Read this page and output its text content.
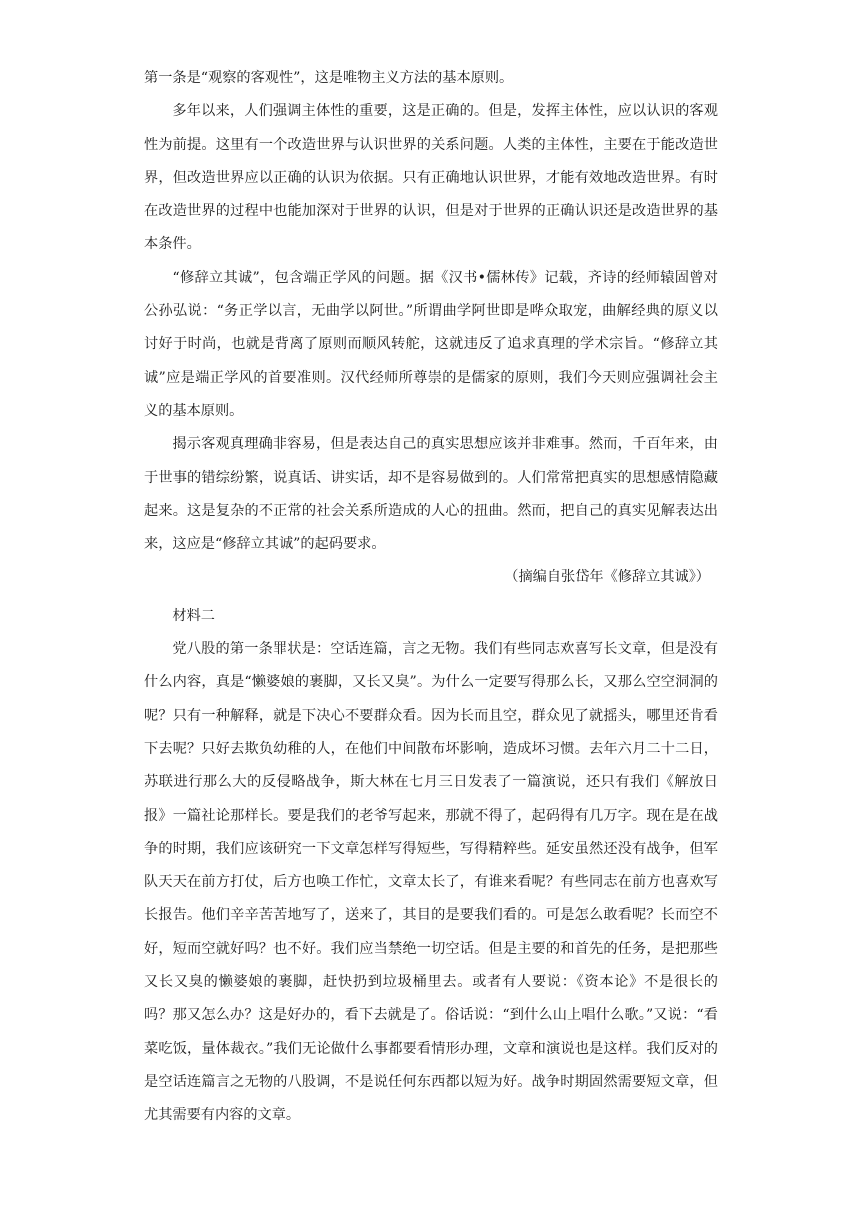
第一条是“观察的客观性”，这是唯物主义方法的基本原则。

多年以来，人们强调主体性的重要，这是正确的。但是，发挥主体性，应以认识的客观性为前提。这里有一个改造世界与认识世界的关系问题。人类的主体性，主要在于能改造世界，但改造世界应以正确的认识为依据。只有正确地认识世界，才能有效地改造世界。有时在改造世界的过程中也能加深对于世界的认识，但是对于世界的正确认识还是改造世界的基本条件。

“修辞立其诚”，包含端正学风的问题。据《汉书•儒林传》记载，齐诗的经师辕固曾对公孙弘说：“务正学以言，无曲学以阿世。”所谓曲学阿世即是哗众取宠，曲解经典的原义以讨好于时尚，也就是背离了原则而顺风转舵，这就违反了追求真理的学术宗旨。“修辞立其诚”应是端正学风的首要准则。汉代经师所尊崇的是儒家的原则，我们今天则应强调社会主义的基本原则。

揭示客观真理确非容易，但是表达自己的真实思想应该并非难事。然而，千百年来，由于世事的错综纷繁，说真话、讲实话，却不是容易做到的。人们常常把真实的思想感情隐藏起来。这是复杂的不正常的社会关系所造成的人心的扭曲。然而，把自己的真实见解表达出来，这应是“修辞立其诚”的起码要求。

（摘编自张岱年《修辞立其诚》）

材料二

党八股的第一条罪状是：空话连篇，言之无物。我们有些同志欢喜写长文章，但是没有什么内容，真是“懒婆娘的裹脚，又长又臭”。为什么一定要写得那么长，又那么空空洞洞的呢？只有一种解释，就是下决心不要群众看。因为长而且空，群众见了就摇头，哪里还肯看下去呢？只好去欺负幼稚的人，在他们中间散布坏影响，造成坏习惯。去年六月二十二日，苏联进行那么大的反侵略战争，斯大林在七月三日发表了一篇演说，还只有我们《解放日报》一篇社论那样长。要是我们的老爷写起来，那就不得了，起码得有几万字。现在是在战争的时期，我们应该研究一下文章怎样写得短些，写得精粹些。延安虽然还没有战争，但军队天天在前方打仗，后方也唤工作忙，文章太长了，有谁来看呢？有些同志在前方也喜欢写长报告。他们辛辛苦苦地写了，送来了，其目的是要我们看的。可是怎么敢看呢？长而空不好，短而空就好吗？也不好。我们应当禁绝一切空话。但是主要的和首先的任务，是把那些又长又臭的懒婆娘的裹脚，赶快扔到垃圾桶里去。或者有人要说：《资本论》不是很长的吗？那又怎么办？这是好办的，看下去就是了。俗话说：“到什么山上唱什么歌。”又说：“看菜吃饭，量体裁衣。”我们无论做什么事都要看情形办理，文章和演说也是这样。我们反对的是空话连篇言之无物的八股调，不是说任何东西都以短为好。战争时期固然需要短文章，但尤其需要有内容的文章。
